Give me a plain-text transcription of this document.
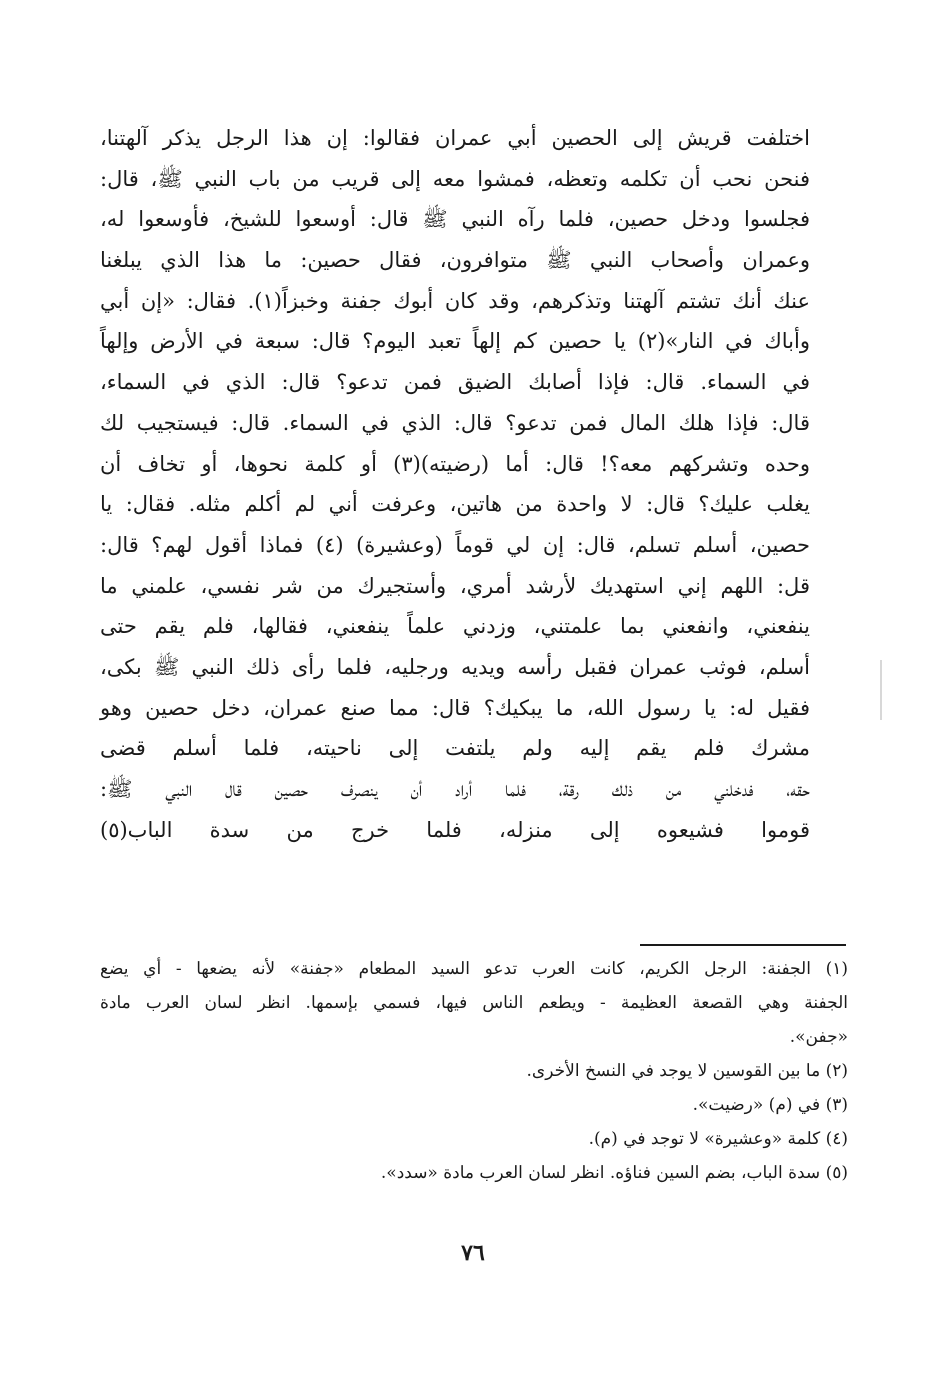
اختلفت قريش إلى الحصين أبي عمران فقالوا: إن هذا الرجل يذكر آلهتنا،
فنحن نحب أن تكلمه وتعظه، فمشوا معه إلى قريب من باب النبي ﷺ، قال:
فجلسوا ودخل حصين، فلما رآه النبي ﷺ قال: أوسعوا للشيخ، فأوسعوا له،
وعمران وأصحاب النبي ﷺ متوافرون، فقال حصين: ما هذا الذي يبلغنا
عنك أنك تشتم آلهتنا وتذكرهم، وقد كان أبوك جفنة وخبزاً(١). فقال: «إن أبي
وأباك في النار»(٢) يا حصين كم إلهاً تعبد اليوم؟ قال: سبعة في الأرض وإلهاً
في السماء. قال: فإذا أصابك الضيق فمن تدعو؟ قال: الذي في السماء،
قال: فإذا هلك المال فمن تدعو؟ قال: الذي في السماء. قال: فيستجيب لك
وحده وتشركهم معه؟! قال: أما (رضيته)(٣) أو كلمة نحوها، أو تخاف أن
يغلب عليك؟ قال: لا واحدة من هاتين، وعرفت أني لم أكلم مثله. فقال: يا
حصين، أسلم تسلم، قال: إن لي قوماً (وعشيرة) (٤) فماذا أقول لهم؟ قال:
قل: اللهم إني استهديك لأرشد أمري، وأستجيرك من شر نفسي، علمني ما
ينفعني، وانفعني بما علمتني، وزدني علماً ينفعني، فقالها، فلم يقم حتى
أسلم، فوثب عمران فقبل رأسه ويديه ورجليه، فلما رأى ذلك النبي ﷺ بكى،
فقيل له: يا رسول الله، ما يبكيك؟ قال: مما صنع عمران، دخل حصين وهو
مشرك فلم يقم إليه ولم يلتفت إلى ناحيته، فلما أسلم قضى
حقه، فدخلني من ذلك رقة، فلما أراد أن ينصرف حصين قال النبي ﷺ:
قوموا فشيعوه إلى منزله، فلما خرج من سدة الباب(٥)
(١) الجفنة: الرجل الكريم، كانت العرب تدعو السيد المطعام «جفنة» لأنه يضعها - أي يضع
الجفنة وهي القصعة العظيمة - ويطعم الناس فيها، فسمي بإسمها. انظر لسان العرب مادة
«جفن».
(٢) ما بين القوسين لا يوجد في النسخ الأخرى.
(٣) في (م) «رضيت».
(٤) كلمة «وعشيرة» لا توجد في (م).
(٥) سدة الباب، بضم السين فناؤه. انظر لسان العرب مادة «سدد».
٧٦
